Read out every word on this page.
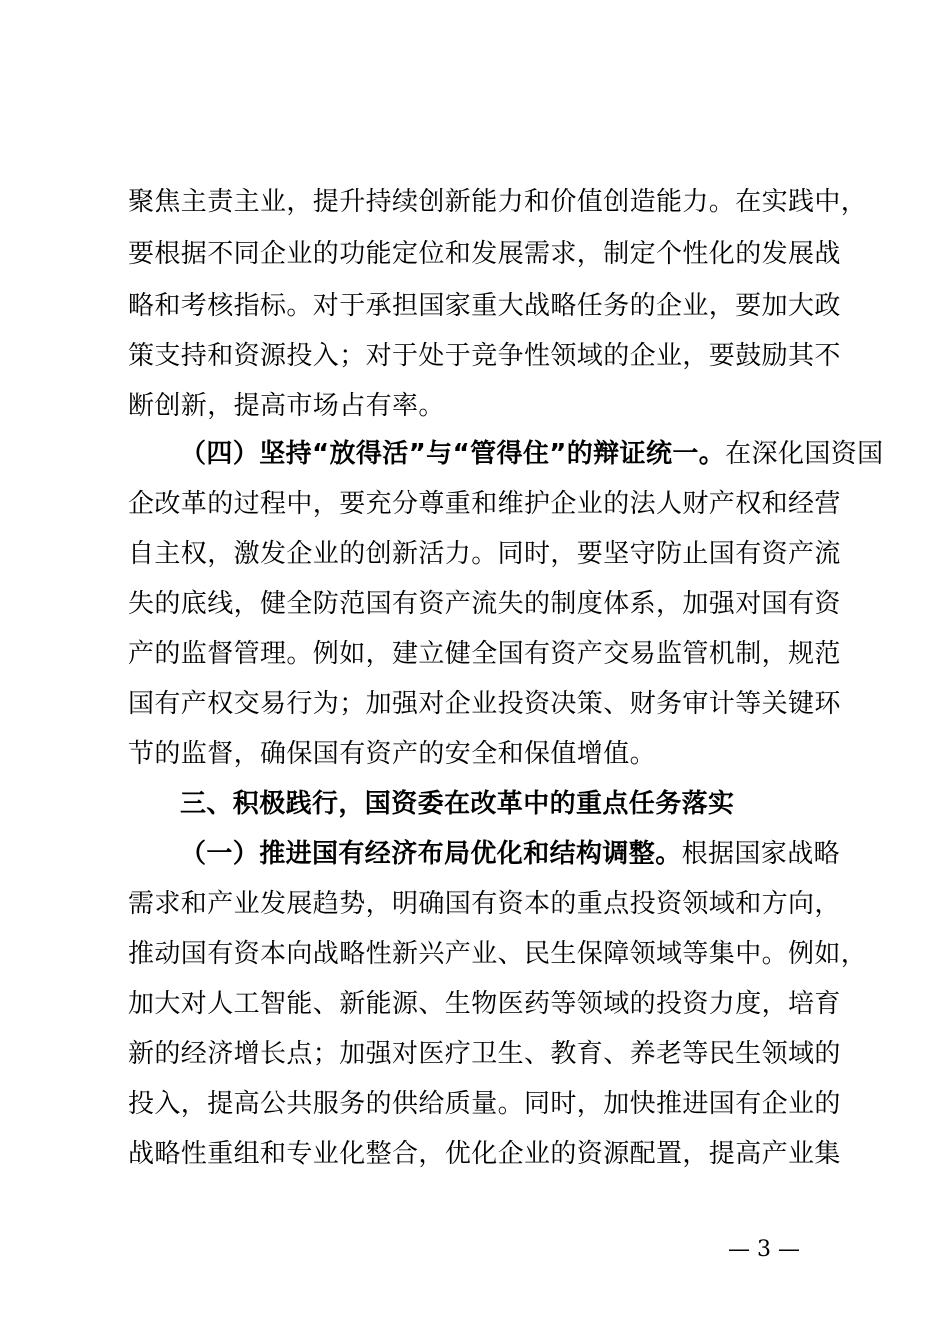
聚焦主责主业，提升持续创新能力和价值创造能力。在实践中，
要根据不同企业的功能定位和发展需求，制定个性化的发展战
略和考核指标。对于承担国家重大战略任务的企业，要加大政
策支持和资源投入；对于处于竞争性领域的企业，要鼓励其不
断创新，提高市场占有率。
（四）坚持“放得活”与“管得住”的辩证统一。在深化国资国
企改革的过程中，要充分尊重和维护企业的法人财产权和经营
自主权，激发企业的创新活力。同时，要坚守防止国有资产流
失的底线，健全防范国有资产流失的制度体系，加强对国有资
产的监督管理。例如，建立健全国有资产交易监管机制，规范
国有产权交易行为；加强对企业投资决策、财务审计等关键环
节的监督，确保国有资产的安全和保值增值。
三、积极践行，国资委在改革中的重点任务落实
（一）推进国有经济布局优化和结构调整。根据国家战略
需求和产业发展趋势，明确国有资本的重点投资领域和方向，
推动国有资本向战略性新兴产业、民生保障领域等集中。例如，
加大对人工智能、新能源、生物医药等领域的投资力度，培育
新的经济增长点；加强对医疗卫生、教育、养老等民生领域的
投入，提高公共服务的供给质量。同时，加快推进国有企业的
战略性重组和专业化整合，优化企业的资源配置，提高产业集
— 3 —
